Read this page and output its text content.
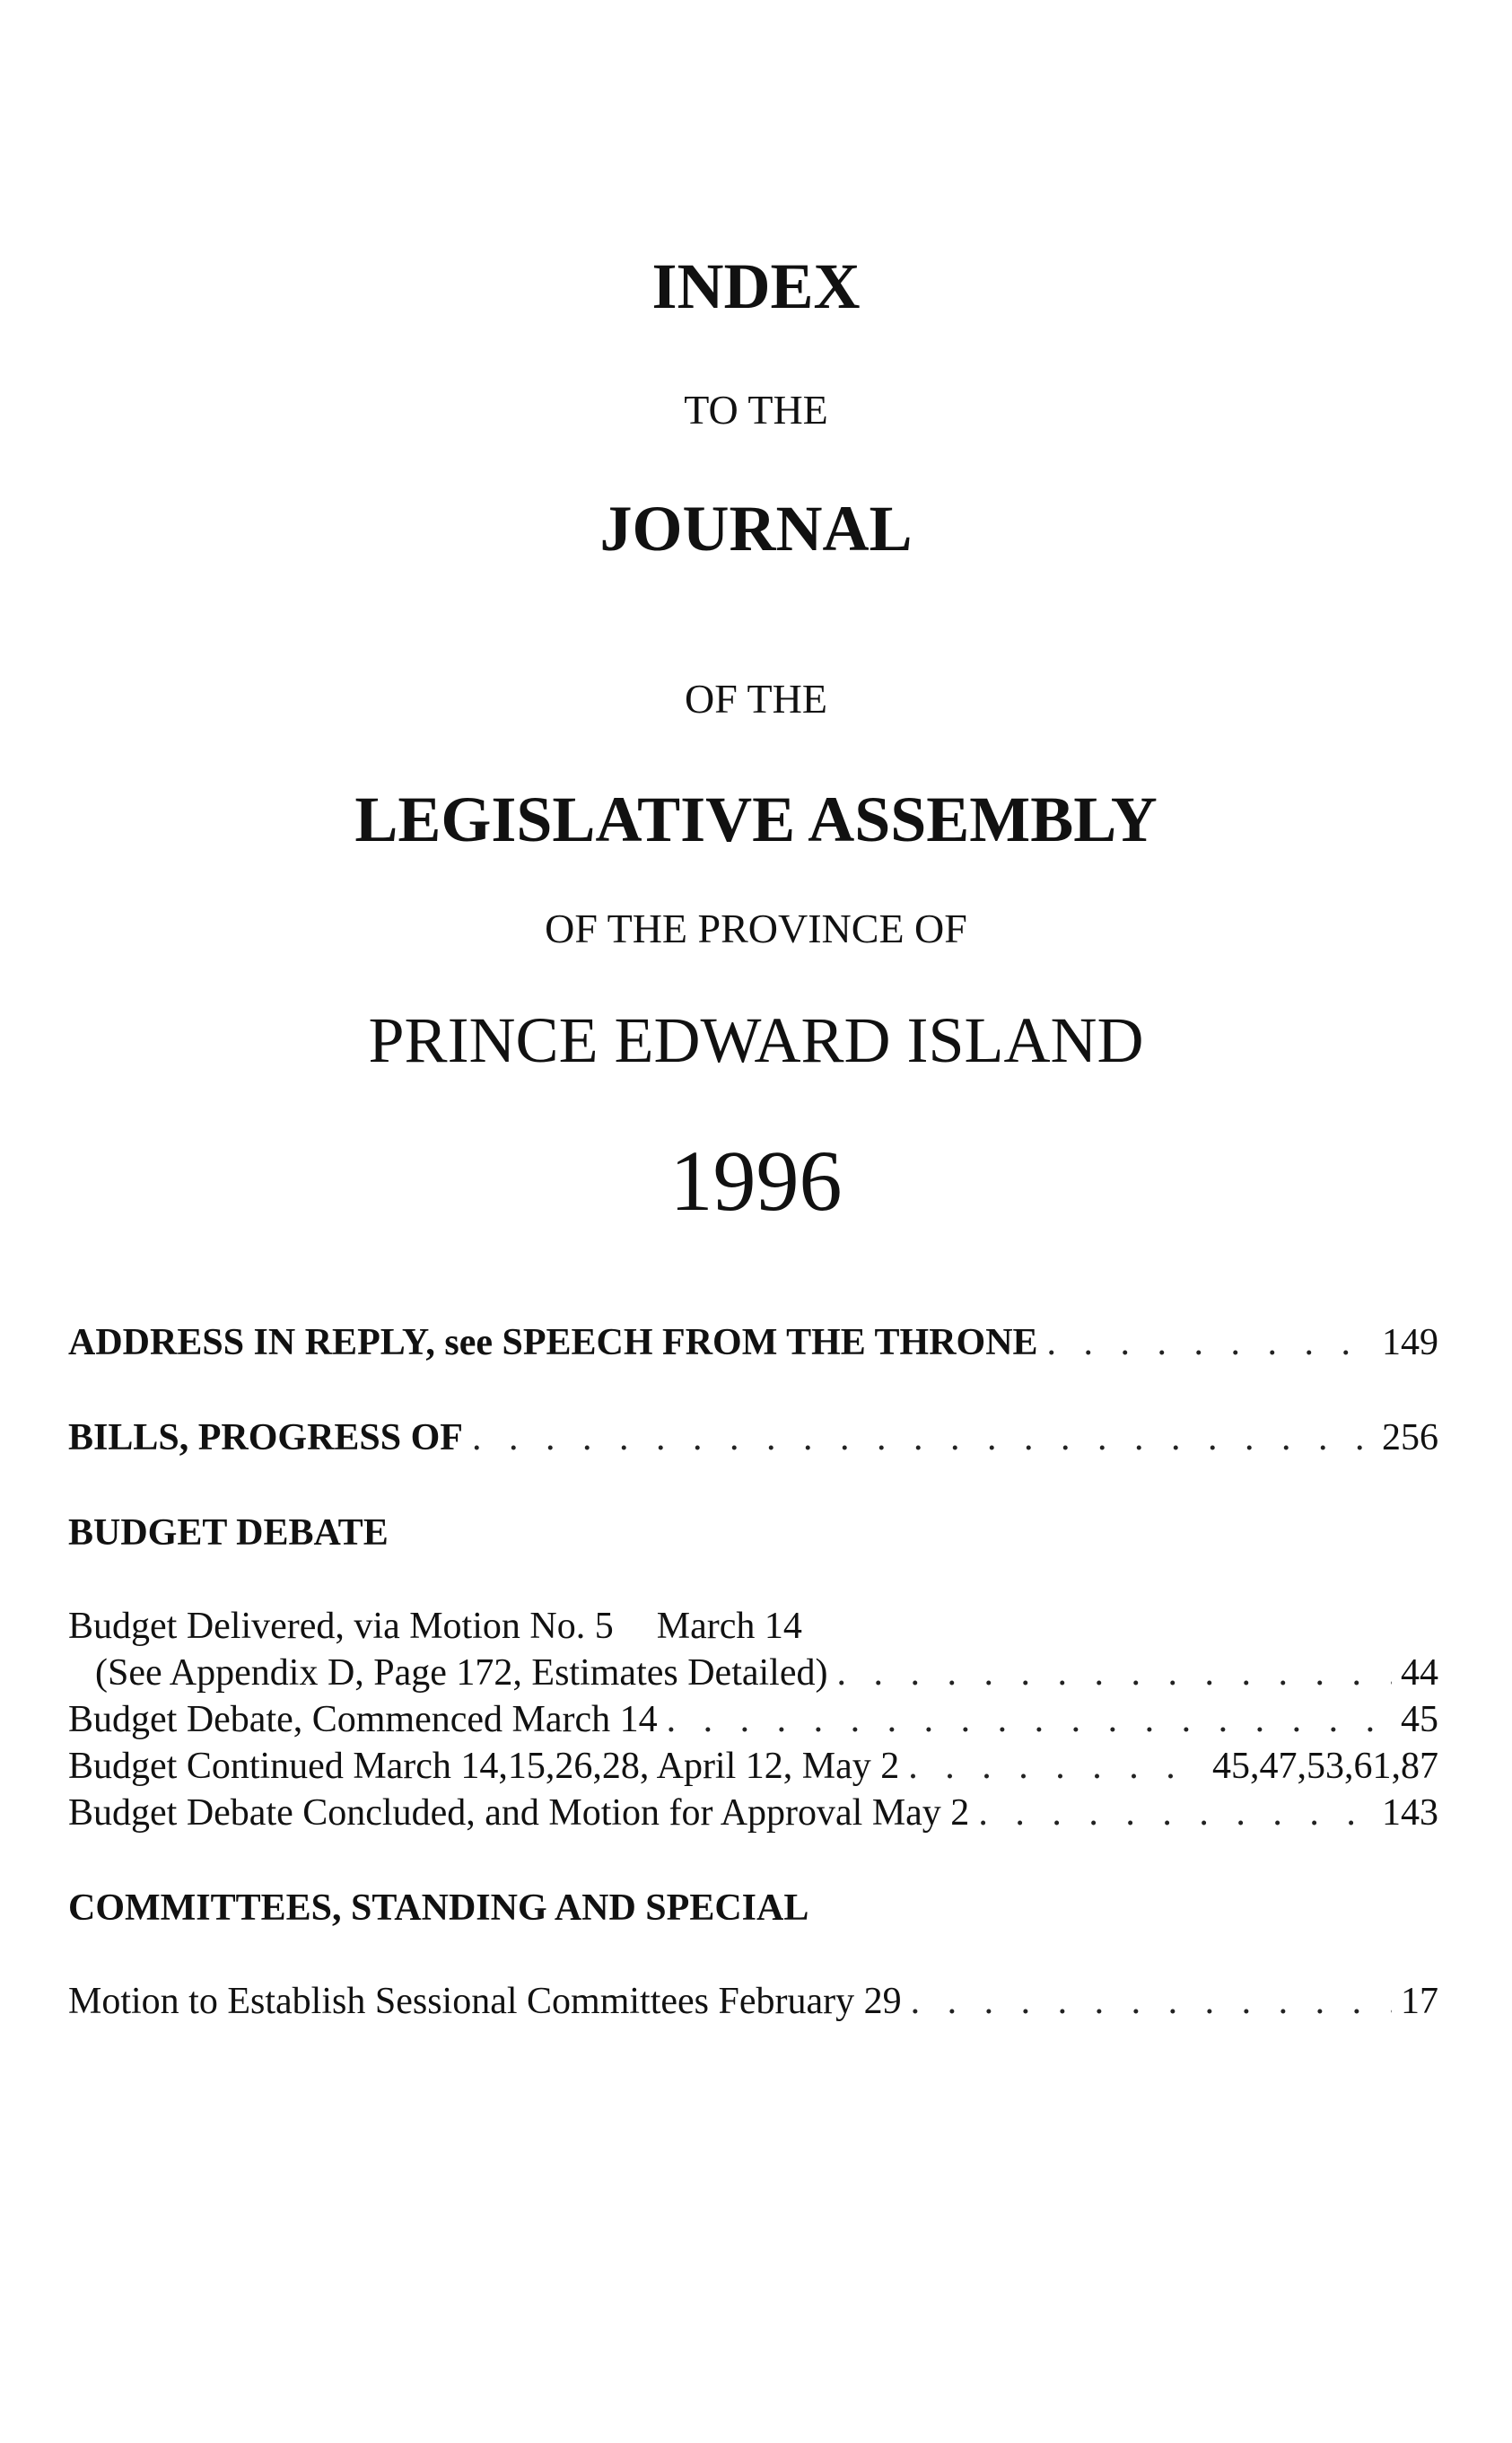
INDEX
TO THE
JOURNAL
OF THE
LEGISLATIVE ASSEMBLY
OF THE PROVINCE OF
PRINCE EDWARD ISLAND
1996
ADDRESS IN REPLY, see SPEECH FROM THE THRONE . . .	149
BILLS, PROGRESS OF . . .	256
BUDGET DEBATE
Budget Delivered, via Motion No. 5 March 14
(See Appendix D, Page 172, Estimates Detailed) . . .	44
Budget Debate, Commenced March 14 . . .	45
Budget Continued March 14,15,26,28, April 12, May 2 . . .	45,47,53,61,87
Budget Debate Concluded, and Motion for Approval May 2 . . .	143
COMMITTEES, STANDING AND SPECIAL
Motion to Establish Sessional Committees February 29 . . .	17
